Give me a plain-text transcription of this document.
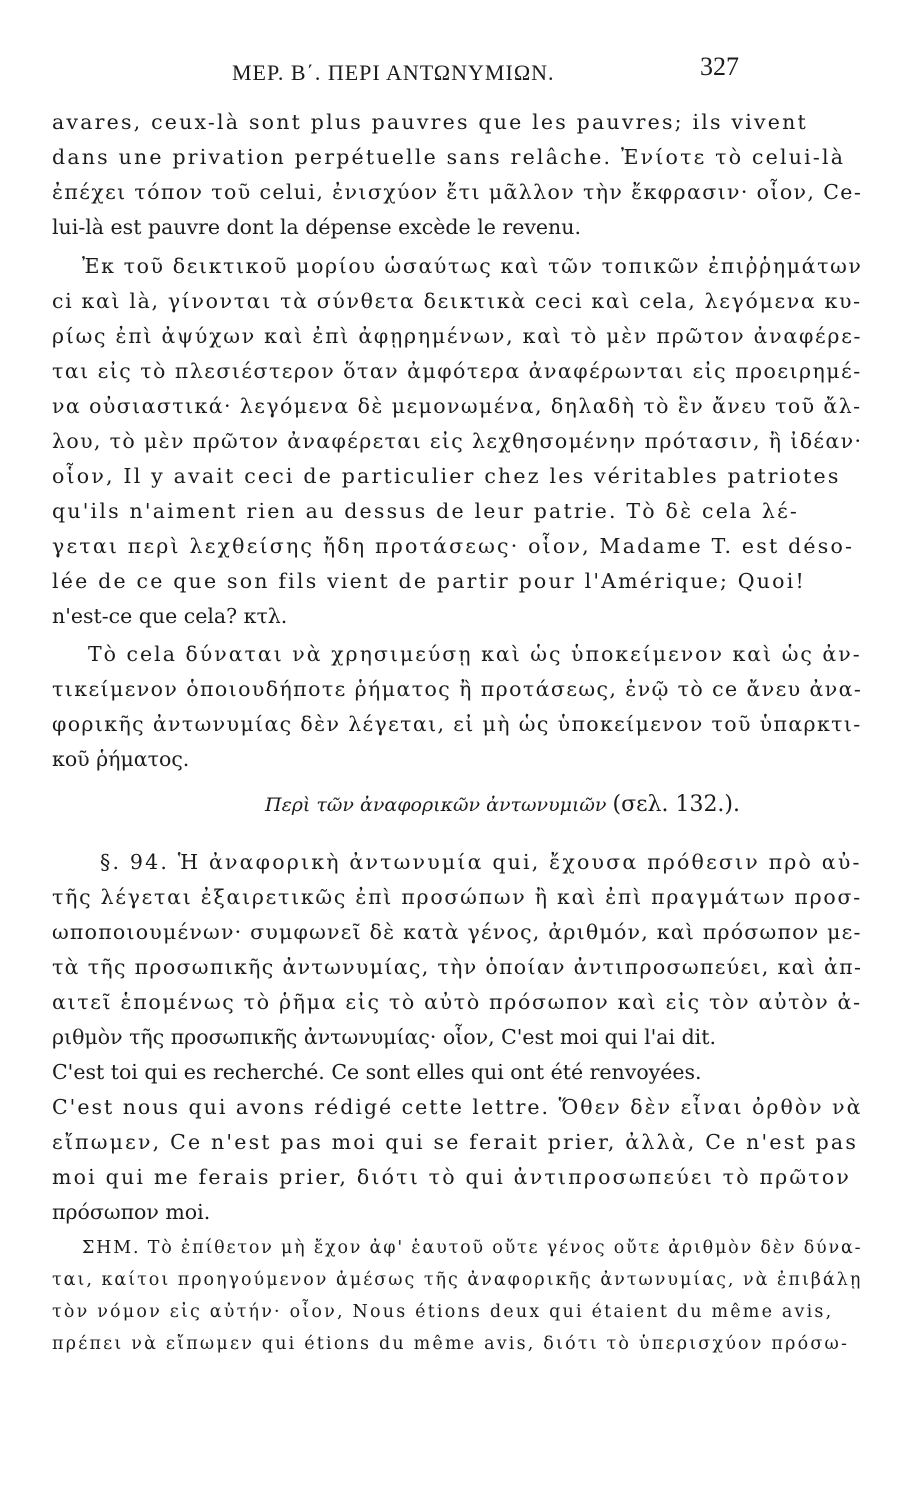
ΜΕΡ. Β΄. ΠΕΡΙ ΑΝΤΩΝΥΜΙΩΝ.	327
avares, ceux-là sont plus pauvres que les pauvres; ils vivent
dans une privation perpétuelle sans relâche. Ἐνίοτε τὸ celui-là
ἐπέχει τόπον τοῦ celui, ἐνισχύον ἔτι μᾶλλον τὴν ἔκφρασιν· οἷον, Ce-
lui-là est pauvre dont la dépense excède le revenu.
Ἐκ τοῦ δεικτικοῦ μορίου ὡσαύτως καὶ τῶν τοπικῶν ἐπιῤῥημάτων
ci καὶ là, γίνονται τὰ σύνθετα δεικτικὰ ceci καὶ cela, λεγόμενα κυ-
ρίως ἐπὶ ἀψύχων καὶ ἐπὶ ἀφῃρημένων, καὶ τὸ μὲν πρῶτον ἀναφέρε-
ται εἰς τὸ πλεσιέστερον ὅταν ἀμφότερα ἀναφέρωνται εἰς προειρημέ-
να οὐσιαστικά· λεγόμενα δὲ μεμονωμένα, δηλαδὴ τὸ ἓν ἄνευ τοῦ ἄλ-
λου, τὸ μὲν πρῶτον ἀναφέρεται εἰς λεχθησομένην πρότασιν, ἢ ἰδέαν·
οἷον, Il y avait ceci de particulier chez les véritables patriotes
qu'ils n'aiment rien au dessus de leur patrie. Τὸ δὲ cela λέ-
γεται περὶ λεχθείσης ἤδη προτάσεως· οἷον, Madame T. est déso-
lée de ce que son fils vient de partir pour l'Amérique; Quoi!
n'est-ce que cela? κτλ.
Τὸ cela δύναται νὰ χρησιμεύσῃ καὶ ὡς ὑποκείμενον καὶ ὡς ἀν-
τικείμενον ὁποιουδήποτε ῥήματος ἢ προτάσεως, ἐνῷ τὸ ce ἄνευ ἀνα-
φορικῆς ἀντωνυμίας δὲν λέγεται, εἰ μὴ ὡς ὑποκείμενον τοῦ ὑπαρκτι-
κοῦ ῥήματος.
Περὶ τῶν ἀναφορικῶν ἀντωνυμιῶν (σελ. 132.).
§. 94. Ἡ ἀναφορικὴ ἀντωνυμία qui, ἔχουσα πρόθεσιν πρὸ αὐ-
τῆς λέγεται ἐξαιρετικῶς ἐπὶ προσώπων ἢ καὶ ἐπὶ πραγμάτων προσ-
ωποποιουμένων· συμφωνεῖ δὲ κατὰ γένος, ἀριθμόν, καὶ πρόσωπον με-
τὰ τῆς προσωπικῆς ἀντωνυμίας, τὴν ὁποίαν ἀντιπροσωπεύει, καὶ ἀπ-
αιτεῖ ἑπομένως τὸ ῥῆμα εἰς τὸ αὐτὸ πρόσωπον καὶ εἰς τὸν αὐτὸν ἀ-
ριθμὸν τῆς προσωπικῆς ἀντωνυμίας· οἷον, C'est moi qui l'ai dit.
C'est toi qui es recherché. Ce sont elles qui ont été renvoyées.
C'est nous qui avons rédigé cette lettre. Ὅθεν δὲν εἶναι ὀρθὸν νὰ
εἴπωμεν, Ce n'est pas moi qui se ferait prier, ἀλλὰ, Ce n'est pas
moi qui me ferais prier, διότι τὸ qui ἀντιπροσωπεύει τὸ πρῶτον
πρόσωπον moi.
ΣΗΜ. Τὸ ἐπίθετον μὴ ἔχον ἀφ' ἑαυτοῦ οὔτε γένος οὔτε ἀριθμὸν δὲν δύνα-
ται, καίτοι προηγούμενον ἀμέσως τῆς ἀναφορικῆς ἀντωνυμίας, νὰ ἐπιβάλῃ
τὸν νόμον εἰς αὐτήν· οἷον, Nous étions deux qui étaient du même avis,
πρέπει νὰ εἴπωμεν qui étions du même avis, διότι τὸ ὑπερισχύον πρόσω-
